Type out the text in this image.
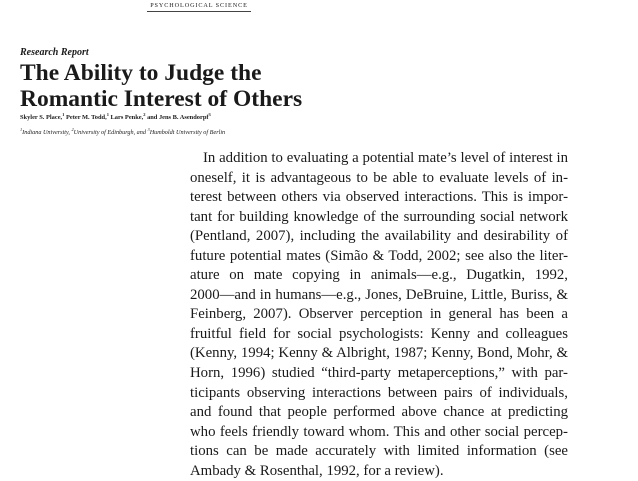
PSYCHOLOGICAL SCIENCE
Research Report
The Ability to Judge the
Romantic Interest of Others
Skyler S. Place,$^1$ Peter M. Todd,$^1$ Lars Penke,$^2$ and Jens B. Asendorpf$^3$
$^1$Indiana University, $^2$University of Edinburgh, and $^3$Humboldt University of Berlin
In addition to evaluating a potential mate’s level of interest in
oneself, it is advantageous to be able to evaluate levels of in-
terest between others via observed interactions. This is impor-
tant for building knowledge of the surrounding social network
(Pentland, 2007), including the availability and desirability of
future potential mates (Simão & Todd, 2002; see also the liter-
ature on mate copying in animals—e.g., Dugatkin, 1992,
2000—and in humans—e.g., Jones, DeBruine, Little, Buriss, &
Feinberg, 2007). Observer perception in general has been a
fruitful field for social psychologists: Kenny and colleagues
(Kenny, 1994; Kenny & Albright, 1987; Kenny, Bond, Mohr, &
Horn, 1996) studied “third-party metaperceptions,” with par-
ticipants observing interactions between pairs of individuals,
and found that people performed above chance at predicting
who feels friendly toward whom. This and other social percep-
tions can be made accurately with limited information (see
Ambady & Rosenthal, 1992, for a review).
